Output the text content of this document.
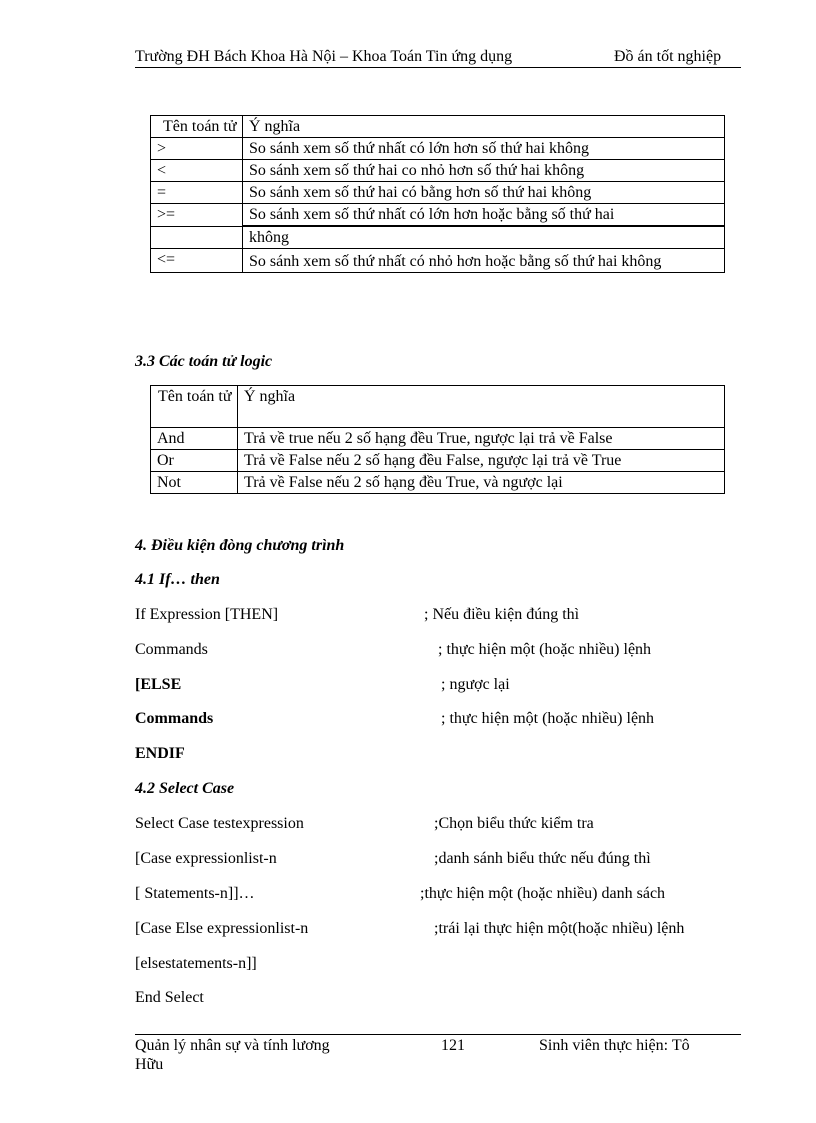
Trường ĐH Bách Khoa Hà Nội – Khoa Toán Tin ứng dụng	Đồ án tốt nghiệp
Tên toán tử	Ý nghĩa
>	So sánh xem số thứ nhất có lớn hơn số thứ hai không
<	So sánh xem số thứ hai co nhỏ hơn số thứ hai không
=	So sánh xem số thứ hai có bằng hơn số thứ hai không
>=	So sánh xem số thứ nhất có lớn hơn hoặc bằng số thứ hai
	không
<=	So sánh xem số thứ nhất có nhỏ hơn hoặc bằng số thứ hai không
3.3 Các toán tử logic
Tên toán tử	Ý nghĩa
And	Trả về true nếu 2 số hạng đều True, ngược lại trả về False
Or	Trả về False nếu 2 số hạng đều False, ngược lại trả về True
Not	Trả về False nếu 2 số hạng đều True, và ngược lại
4. Điều kiện đòng chương trình
4.1 If… then
If Expression [THEN]	; Nếu điều kiện đúng thì
Commands	; thực hiện một (hoặc nhiều) lệnh
[ELSE	; ngược lại
Commands	; thực hiện một (hoặc nhiều) lệnh
ENDIF
4.2 Select Case
Select Case testexpression	;Chọn biểu thức kiểm tra
[Case expressionlist-n	;danh sánh biểu thức nếu đúng thì
[ Statements-n]]…	;thực hiện một (hoặc nhiều) danh sách
[Case Else expressionlist-n	;trái lại thực hiện một(hoặc nhiều) lệnh
[elsestatements-n]]
End Select
Quản lý nhân sự và tính lương
Hữu
121	Sinh viên thực hiện: Tô
